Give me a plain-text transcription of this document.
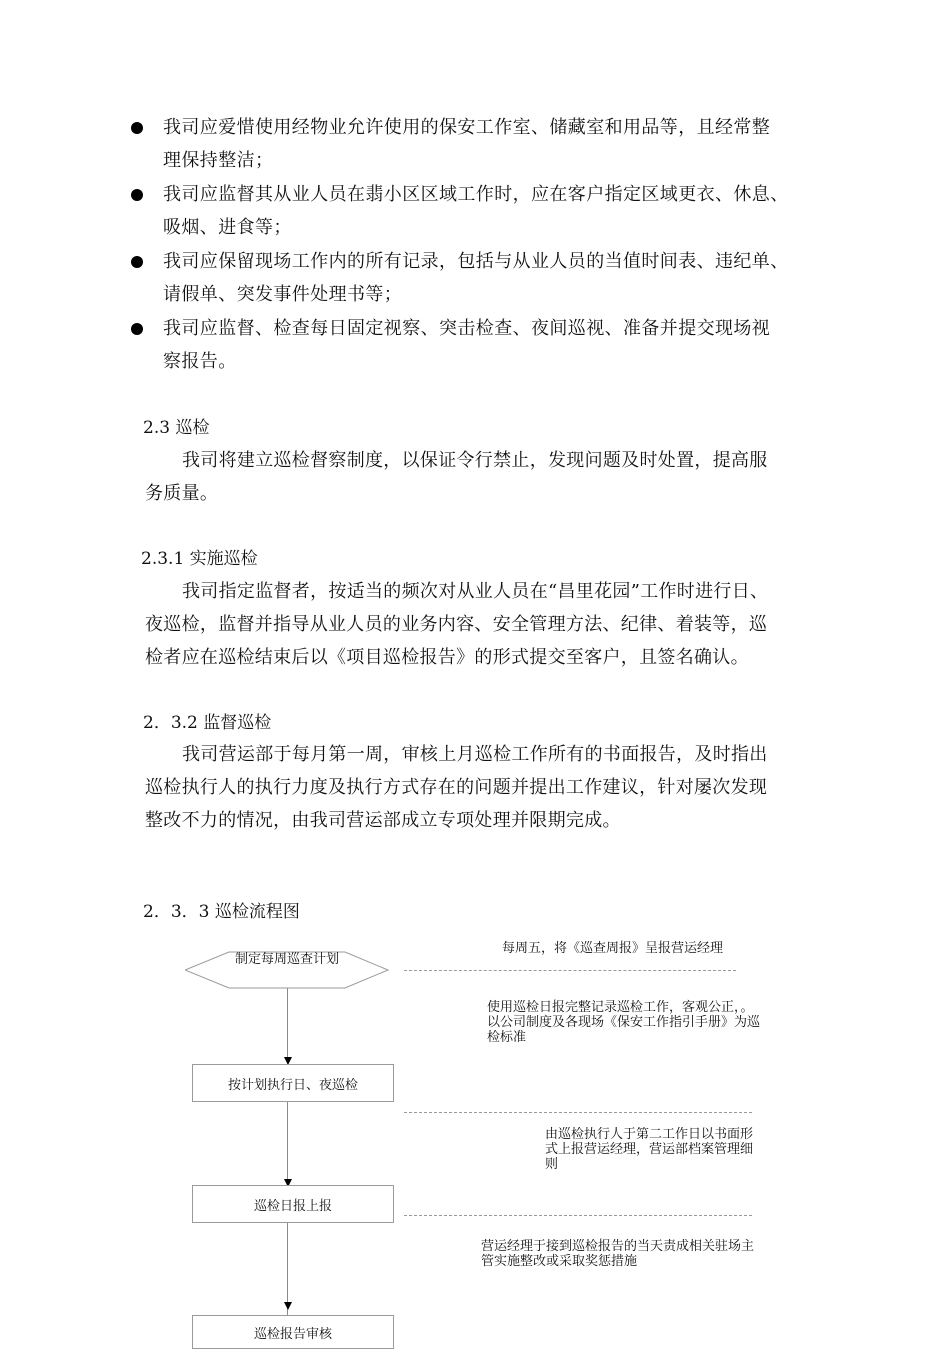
我司应爱惜使用经物业允许使用的保安工作室、储藏室和用品等，且经常整
理保持整洁；
我司应监督其从业人员在翡小区区域工作时，应在客户指定区域更衣、休息、
吸烟、进食等；
我司应保留现场工作内的所有记录，包括与从业人员的当值时间表、违纪单、
请假单、突发事件处理书等；
我司应监督、检查每日固定视察、突击检查、夜间巡视、准备并提交现场视
察报告。
2.3 巡检
我司将建立巡检督察制度，以保证令行禁止，发现问题及时处置，提高服
务质量。
2.3.1 实施巡检
我司指定监督者，按适当的频次对从业人员在“昌里花园”工作时进行日、
夜巡检，监督并指导从业人员的业务内容、安全管理方法、纪律、着装等，巡
检者应在巡检结束后以《项目巡检报告》的形式提交至客户，且签名确认。
2．3.2 监督巡检
我司营运部于每月第一周，审核上月巡检工作所有的书面报告，及时指出
巡检执行人的执行力度及执行方式存在的问题并提出工作建议，针对屡次发现
整改不力的情况，由我司营运部成立专项处理并限期完成。
2．3．3 巡检流程图
制定每周巡查计划
按计划执行日、夜巡检
巡检日报上报
巡检报告审核
每周五，将《巡查周报》呈报营运经理
使用巡检日报完整记录巡检工作，客观公正，。以公司制度及各现场《保安工作指引手册》为巡检标准
由巡检执行人于第二工作日以书面形式上报营运经理，营运部档案管理细则
营运经理于接到巡检报告的当天责成相关驻场主管实施整改或采取奖惩措施
